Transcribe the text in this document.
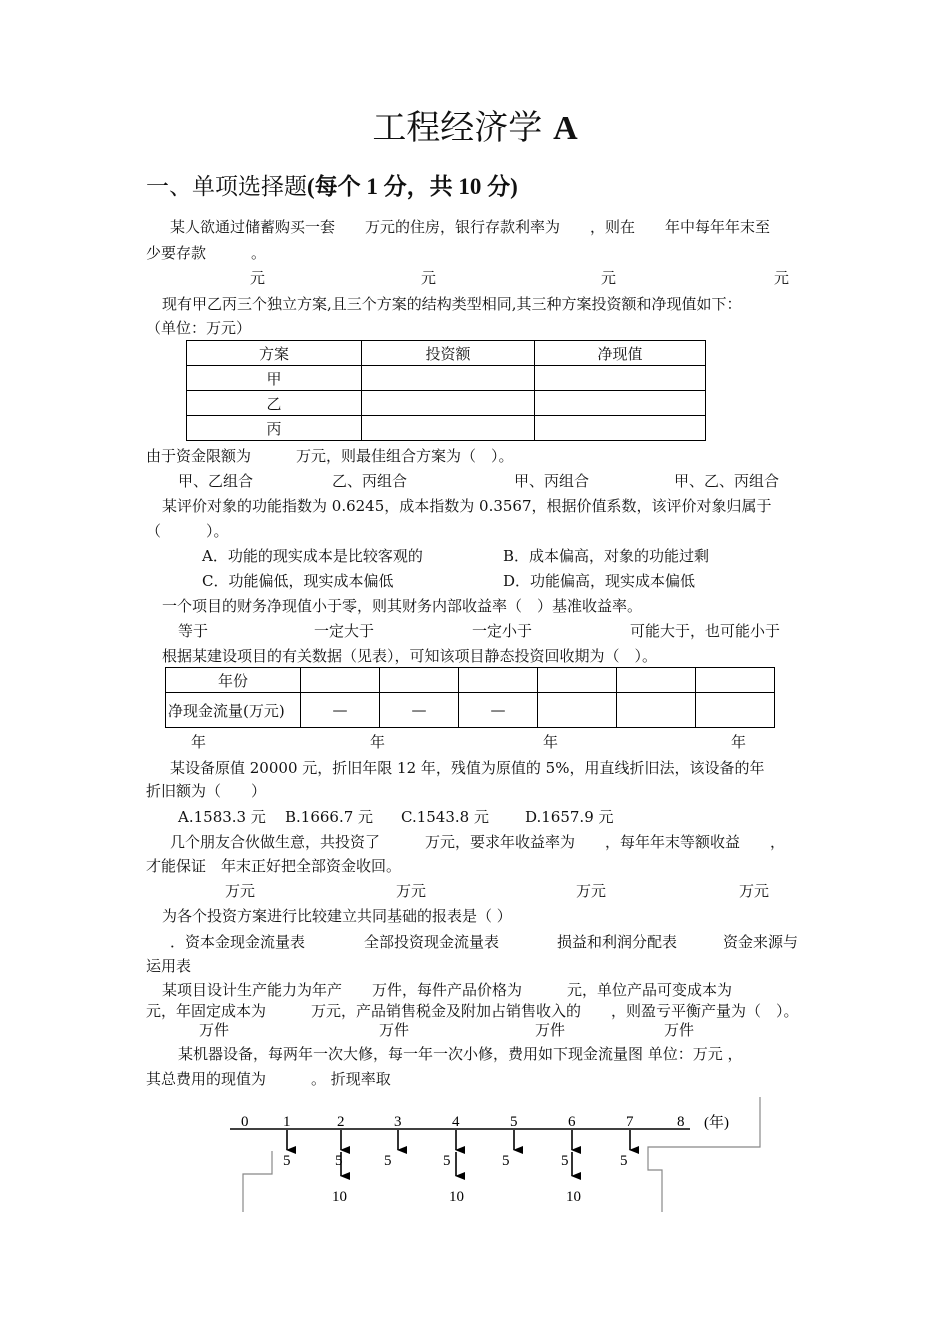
工程经济学 A
一、单项选择题(每个 1 分，共 10 分)
某人欲通过储蓄购买一套　　万元的住房，银行存款利率为　　，则在　　年中每年年末至
少要存款　　　。
元	元	元	元
现有甲乙丙三个独立方案,且三个方案的结构类型相同,其三种方案投资额和净现值如下：
（单位：万元）
方案	投资额	净现值
甲		
乙		
丙		
由于资金限额为　　　万元，则最佳组合方案为（　）。
甲、乙组合	乙、丙组合	甲、丙组合	甲、乙、丙组合
某评价对象的功能指数为 0.6245，成本指数为 0.3567，根据价值系数，该评价对象归属于
（　　　）。
A．功能的现实成本是比较客观的	B．成本偏高，对象的功能过剩
C．功能偏低，现实成本偏低	D．功能偏高，现实成本偏低
一个项目的财务净现值小于零，则其财务内部收益率（　）基准收益率。
等于	一定大于	一定小于	可能大于，也可能小于
根据某建设项目的有关数据（见表），可知该项目静态投资回收期为（　）。
年份						
净现金流量(万元)	—	—	—			
年	年	年	年
某设备原值 20000 元，折旧年限 12 年，残值为原值的 5%，用直线折旧法，该设备的年
折旧额为（　　）
A.1583.3 元 B.1666.7 元 C.1543.8 元 D.1657.9 元
几个朋友合伙做生意，共投资了　　　万元，要求年收益率为　　，每年年末等额收益　　，
才能保证　年末正好把全部资金收回。
万元	万元	万元	万元
为各个投资方案进行比较建立共同基础的报表是（ ）
．资本金现金流量表	全部投资现金流量表	损益和利润分配表	资金来源与
运用表
某项目设计生产能力为年产　　万件，每件产品价格为　　　元，单位产品可变成本为
元，年固定成本为　　　万元，产品销售税金及附加占销售收入的　　，则盈亏平衡产量为（　）。
万件	万件	万件	万件
某机器设备，每两年一次大修，每一年一次小修，费用如下现金流量图 单位：万元 ，
其总费用的现值为　　　。 折现率取
0 1	2	3	4	5	6	7	8
5	5	5	5	5	5	5
10	10	10
(年)
